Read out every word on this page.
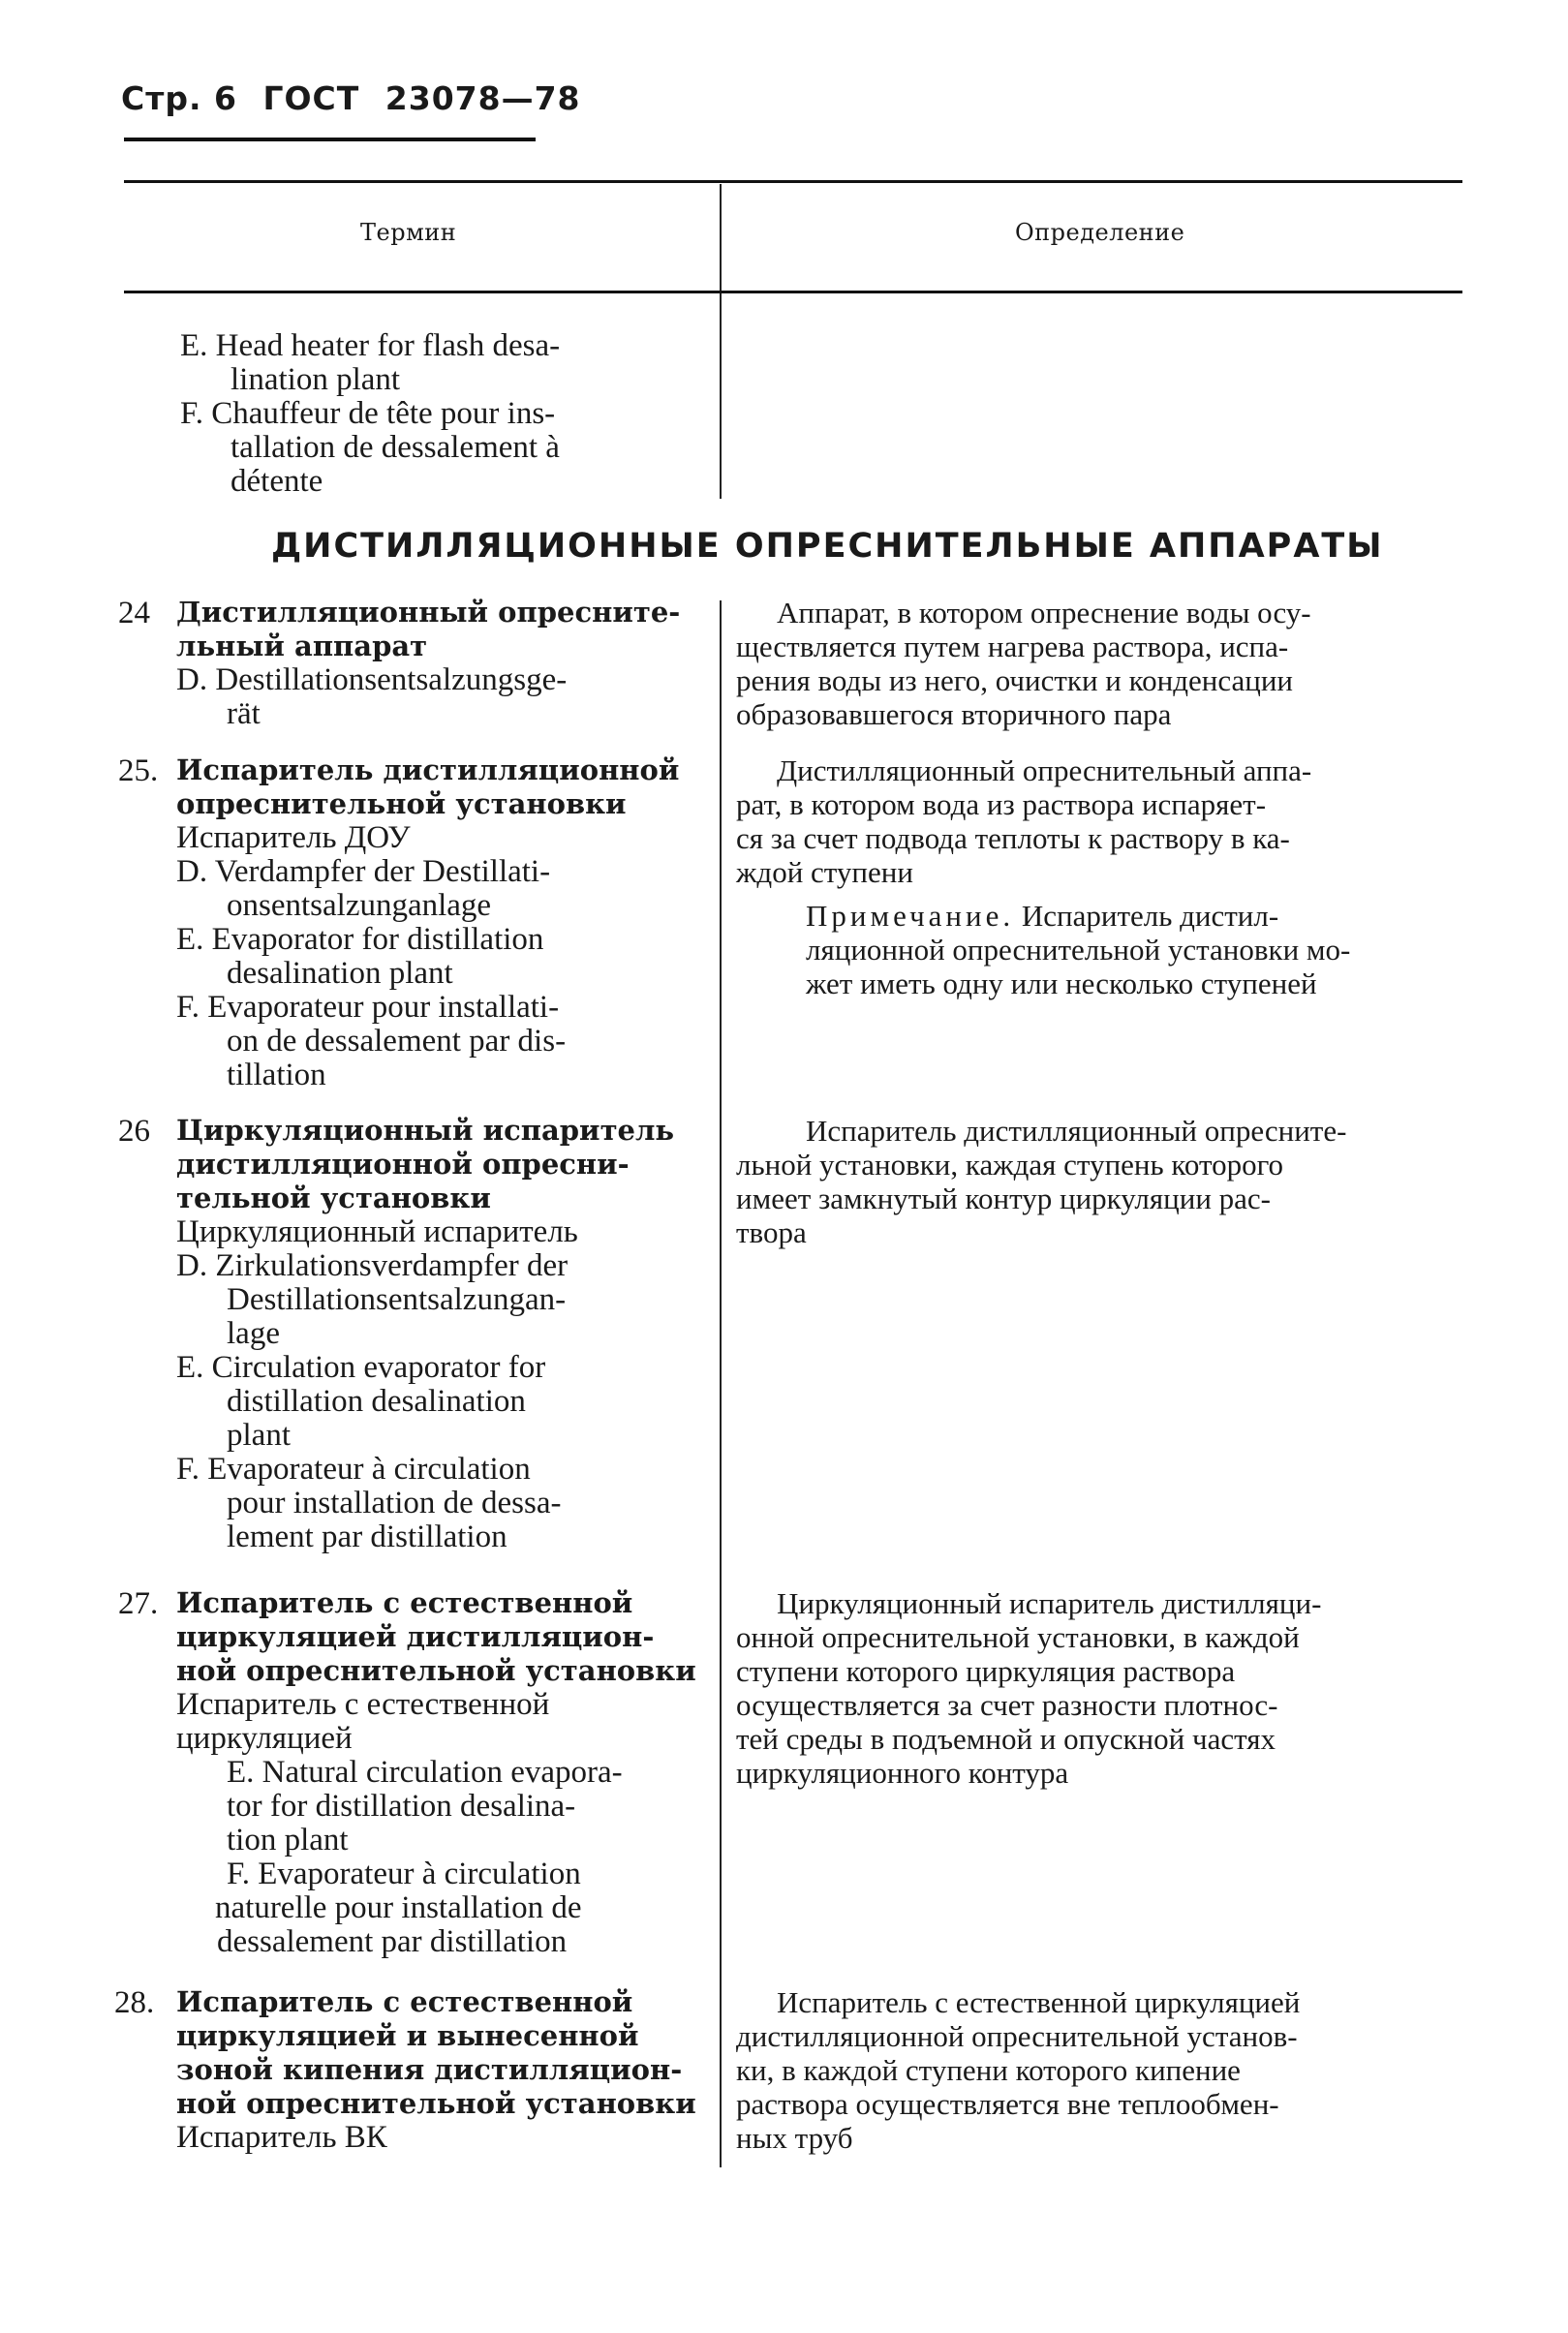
Стр. 6 ГОСТ 23078—78
Термин	Определение
E. Head heater for flash desa-
lination plant
F. Chauffeur de tête pour ins-
tallation de dessalement à
détente
ДИСТИЛЛЯЦИОННЫЕ ОПРЕСНИТЕЛЬНЫЕ АППАРАТЫ
24 Дистилляционный опресните-
льный аппарат
D. Destillationsentsalzungsge-
rät
Аппарат, в котором опреснение воды осу-
ществляется путем нагрева раствора, испа-
рения воды из него, очистки и конденсации
образовавшегося вторичного пара
25. Испаритель дистилляционной
опреснительной установки
Испаритель ДОУ
D. Verdampfer der Destillati-
onsentsalzunganlage
E. Evaporator for distillation
desalination plant
F. Evaporateur pour installati-
on de dessalement par dis-
tillation
Дистилляционный опреснительный аппа-
рат, в котором вода из раствора испаряет-
ся за счет подвода теплоты к раствору в ка-
ждой ступени
Примечание. Испаритель дистил-
ляционной опреснительной установки мо-
жет иметь одну или несколько ступеней
26 Циркуляционный испаритель
дистилляционной опресни-
тельной установки
Циркуляционный испаритель
D. Zirkulationsverdampfer der
Destillationsentsalzungan-
lage
E. Circulation evaporator for
distillation desalination
plant
F. Evaporateur à circulation
pour installation de dessa-
lement par distillation
Испаритель дистилляционный опресните-
льной установки, каждая ступень которого
имеет замкнутый контур циркуляции рас-
твора
27. Испаритель с естественной
циркуляцией дистилляцион-
ной опреснительной установки
Испаритель с естественной
циркуляцией
E. Natural circulation evapora-
tor for distillation desalina-
tion plant
F. Evaporateur à circulation
naturelle pour installation de
dessalement par distillation
Циркуляционный испаритель дистилляци-
онной опреснительной установки, в каждой
ступени которого циркуляция раствора
осуществляется за счет разности плотнос-
тей среды в подъемной и опускной частях
циркуляционного контура
28. Испаритель с естественной
циркуляцией и вынесенной
зоной кипения дистилляцион-
ной опреснительной установки
Испаритель ВК
Испаритель с естественной циркуляцией
дистилляционной опреснительной установ-
ки, в каждой ступени которого кипение
раствора осуществляется вне теплообмен-
ных труб
